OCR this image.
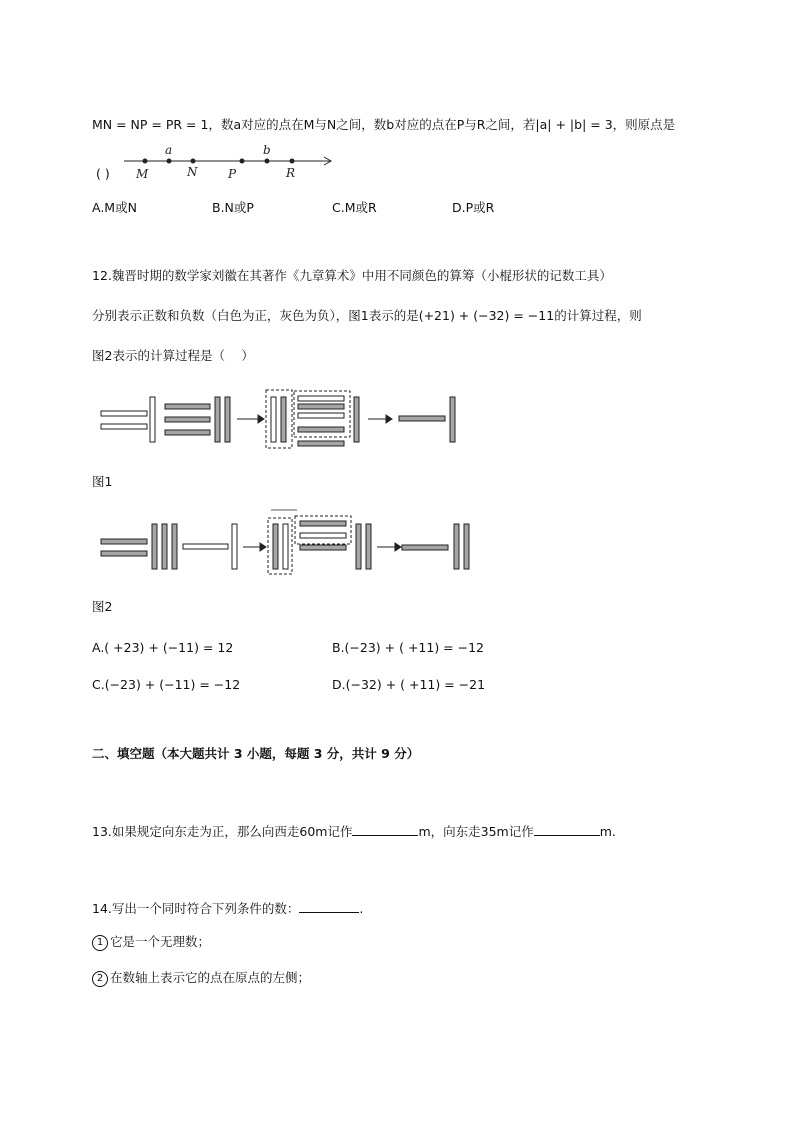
MN = NP = PR = 1，数a对应的点在M与N之间，数b对应的点在P与R之间，若|a| + |b| = 3，则原点是
( )
a	b
M	N	P	R
A.M或N	B.N或P	C.M或R	D.P或R
12.魏晋时期的数学家刘徽在其著作《九章算术》中用不同颜色的算筹（小棍形状的记数工具）
分别表示正数和负数（白色为正，灰色为负），图1表示的是(+21) + (−32) = −11的计算过程，则
图2表示的计算过程是（　 ）
图1
图2
A.( +23) + (−11) = 12	B.(−23) + ( +11) = −12
C.(−23) + (−11) = −12	D.(−32) + ( +11) = −21
二、填空题（本大题共计 3 小题，每题 3 分，共计 9 分）
13.如果规定向东走为正，那么向西走60m记作	m，向东走35m记作	m.
14.写出一个同时符合下列条件的数：	.
1 它是一个无理数；
2 在数轴上表示它的点在原点的左侧；
